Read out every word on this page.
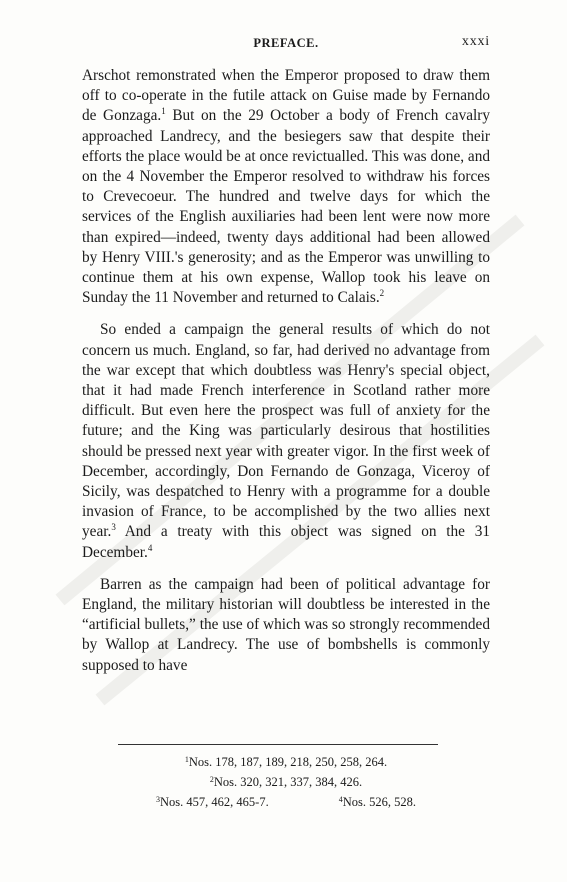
PREFACE.	xxxi

Arschot remonstrated when the Emperor proposed to draw them off to co-operate in the futile attack on Guise made by Fernando de Gonzaga.$^1$ But on the 29 October a body of French cavalry approached Landrecy, and the besiegers saw that despite their efforts the place would be at once revictualled. This was done, and on the 4 November the Emperor resolved to withdraw his forces to Crevecoeur. The hundred and twelve days for which the services of the English auxiliaries had been lent were now more than expired—indeed, twenty days additional had been allowed by Henry VIII.'s generosity; and as the Emperor was unwilling to continue them at his own expense, Wallop took his leave on Sunday the 11 November and returned to Calais.$^2$

So ended a campaign the general results of which do not concern us much. England, so far, had derived no advantage from the war except that which doubtless was Henry's special object, that it had made French interference in Scotland rather more difficult. But even here the prospect was full of anxiety for the future; and the King was particularly desirous that hostilities should be pressed next year with greater vigor. In the first week of December, accordingly, Don Fernando de Gonzaga, Viceroy of Sicily, was despatched to Henry with a programme for a double invasion of France, to be accomplished by the two allies next year.$^3$ And a treaty with this object was signed on the 31 December.$^4$

Barren as the campaign had been of political advantage for England, the military historian will doubtless be interested in the “artificial bullets,” the use of which was so strongly recommended by Wallop at Landrecy. The use of bombshells is commonly supposed to have

$^1$Nos. 178, 187, 189, 218, 250, 258, 264.
$^2$Nos. 320, 321, 337, 384, 426.
$^3$Nos. 457, 462, 465-7.	$^4$Nos. 526, 528.
